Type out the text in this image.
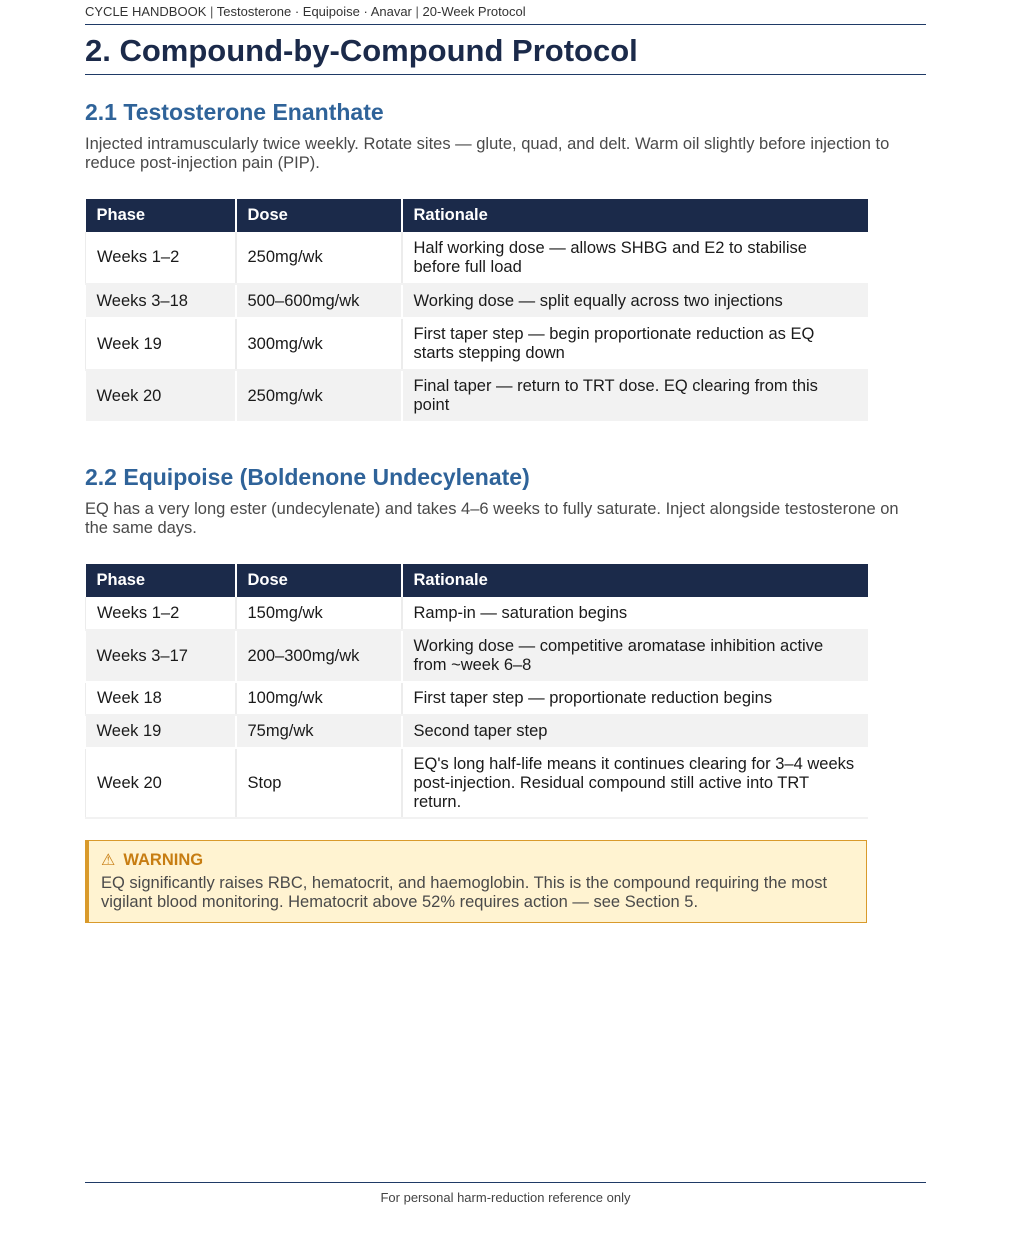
CYCLE HANDBOOK | Testosterone · Equipoise · Anavar | 20-Week Protocol
2. Compound-by-Compound Protocol
2.1 Testosterone Enanthate

Injected intramuscularly twice weekly. Rotate sites — glute, quad, and delt. Warm oil slightly before injection to reduce post-injection pain (PIP).

Phase	Dose	Rationale
Weeks 1–2	250mg/wk	Half working dose — allows SHBG and E2 to stabilise before full load
Weeks 3–18	500–600mg/wk	Working dose — split equally across two injections
Week 19	300mg/wk	First taper step — begin proportionate reduction as EQ starts stepping down
Week 20	250mg/wk	Final taper — return to TRT dose. EQ clearing from this point
2.2 Equipoise (Boldenone Undecylenate)

EQ has a very long ester (undecylenate) and takes 4–6 weeks to fully saturate. Inject alongside testosterone on the same days.

Phase	Dose	Rationale
Weeks 1–2	150mg/wk	Ramp-in — saturation begins
Weeks 3–17	200–300mg/wk	Working dose — competitive aromatase inhibition active from ~week 6–8
Week 18	100mg/wk	First taper step — proportionate reduction begins
Week 19	75mg/wk	Second taper step
Week 20	Stop	EQ's long half-life means it continues clearing for 3–4 weeks post-injection. Residual compound still active into TRT return.
⚠ WARNING
EQ significantly raises RBC, hematocrit, and haemoglobin. This is the compound requiring the most vigilant blood monitoring. Hematocrit above 52% requires action — see Section 5.
For personal harm-reduction reference only
